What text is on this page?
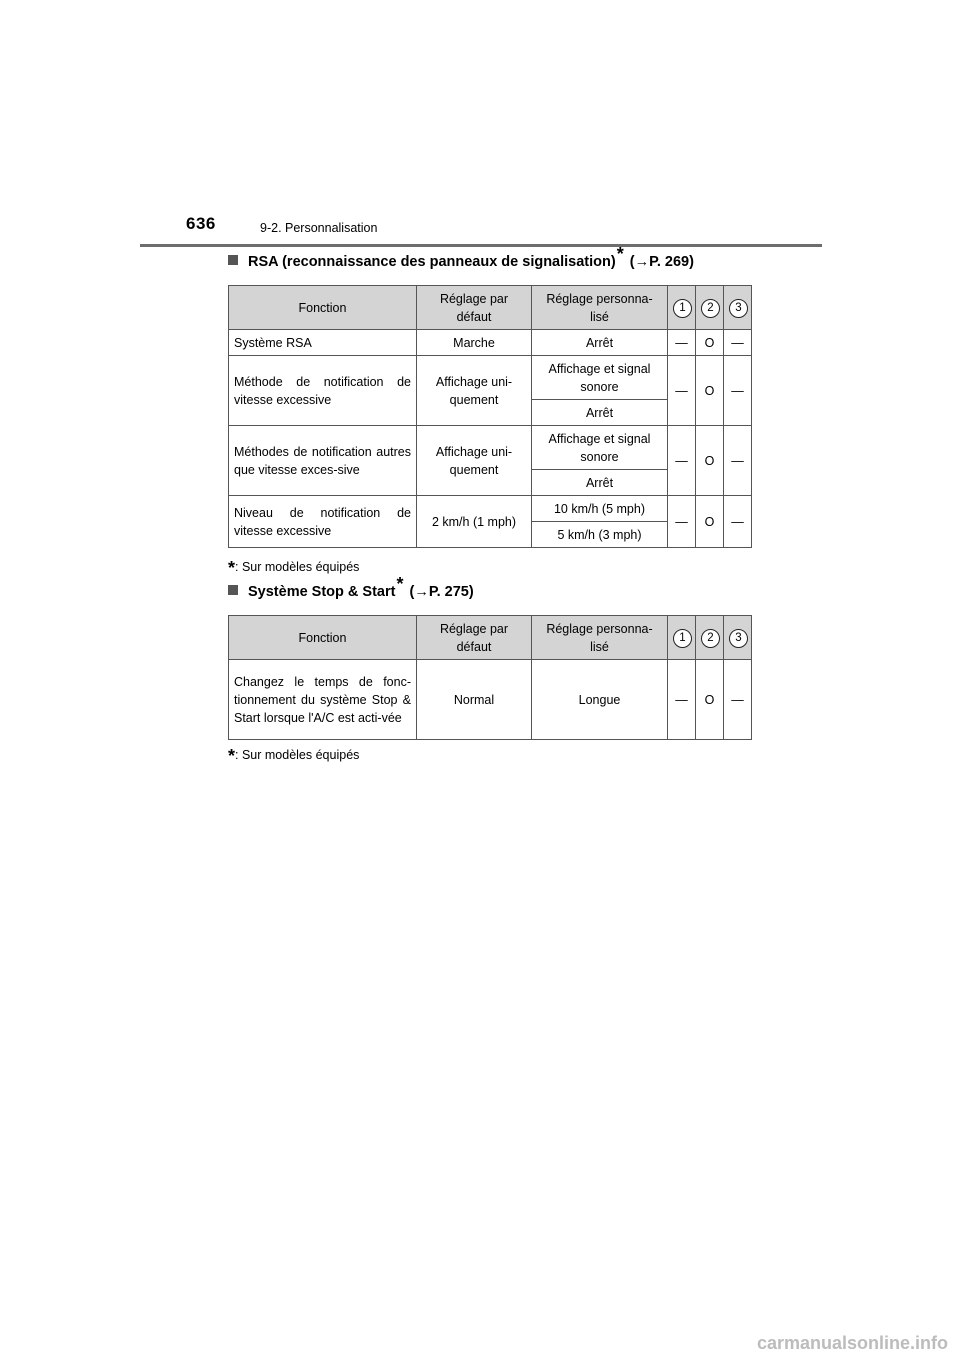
636	9-2. Personnalisation
RSA (reconnaissance des panneaux de signalisation)* (→P. 269)
Fonction	Réglage par défaut	Réglage personna-lisé	1	2	3
Système RSA	Marche	Arrêt	—	O	—
Méthode de notification de vitesse excessive	Affichage uni-quement	Affichage et signal sonore	—	O	—
		Arrêt			
Méthodes de notification autres que vitesse exces-sive	Affichage uni-quement	Affichage et signal sonore	—	O	—
		Arrêt			
Niveau de notification de vitesse excessive	2 km/h (1 mph)	10 km/h (5 mph)	—	O	—
		5 km/h (3 mph)			
*: Sur modèles équipés
Système Stop & Start* (→P. 275)
Fonction	Réglage par défaut	Réglage personna-lisé	1	2	3
Changez le temps de fonc-tionnement du système Stop & Start lorsque l'A/C est acti-vée	Normal	Longue	—	O	—
*: Sur modèles équipés
carmanualsonline.info
